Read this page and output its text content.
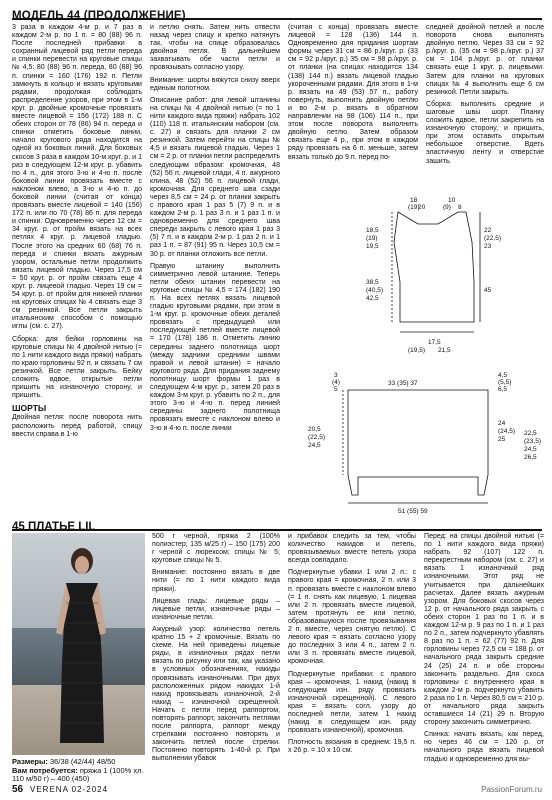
МОДЕЛЬ 44 (ПРОДОЛЖЕНИЕ)

3 раза в каждом 4-м р. и 7 раз в каждом 2-м р. по 1 п. = 80 (88) 96 п. После последней прибавки в сохранный лицевой ряд петли переда и спинки перевести на круговые спицы № 4,5: 80 (88) 96 п. переда, 80 (88) 96 п. спинки = 160 (176) 192 п. Петли замкнуть в кольцо и вязать круговыми рядами, продолжая соблюдать распределение узоров, при этом в 1-м круг. р. двойные кромочные провязать вместе лицевой = 156 (172) 188 п. С обеих сторон от 78 (86) 94 п. переда и спинки отметить боковые линии, начало кругового ряда находится на одной из боковых линий. Для боковых скосов 3 раза в каждом 10-м круг. р. и 1 раз в следующем 12-м круг. р. убавить по 4 п., для этого 3-ю и 4-ю п. после боковой линии провязать вместе с наклоном влево, а 3-ю и 4-ю п. до боковой линии (считая от конца) провязать вместе лицевой = 140 (156) 172 п. или по 70 (78) 86 п. для переда и спинки. Одновременно через 12 см = 34 круг. р. от пройм вязать на всех петлях 4 круг. р. лицевой гладью. После этого на средних 60 (68) 76 п. переда и спинки вязать ажурным узором, остальные петли продолжить вязать лицевой гладью. Через 17,5 см = 50 круг. р. от пройм связать еще 4 круг. р. лицевой гладью. Через 19 см = 54 круг. р. от пройм для нижней планки на круговых спицах № 4 связать еще 3 см резинкой. Все петли закрыть итальянским способом с помощью иглы (см. с. 27).

Сборка: для бейки горловины на круговые спицы № 4 двойной нитью (= по 1 нити каждого вида пряжи) набрать по краю горловины 92 п. и связать 7 см резинкой. Все петли закрыть. Бейку сложить вдвое, открытые петли пришить на изнаночную сторону, и пришить.

ШОРТЫ

Двойная петля: после поворота нить расположить перед работой, спицу ввести справа в 1-ю

и петлю снять. Затем нить отвести назад через спицу и крепко натянуть так, чтобы на спице образовалась двойная петля. В дальнейшем захватывать обе части петли и провязывать согласно узору.

Внимание: шорты вяжутся снизу вверх единым полотном.

Описание работ: для левой штанины на спицы № 4 двойной нитью (= по 1 нити каждого вида пряжи) набрать 102 (110) 118 п. итальянским набором (см. с. 27) и связать для планки 2 см резинкой. Затем перейти на спицы № 4,5 и вязать лицевой гладью. Через 1 см = 2 р. от планки петли распределить следующим образом: кромочная, 48 (52) 56 п. лицевой глади, 4 п. ажурного клина, 48 (52) 56 п. лицевой глади, кромочная. Для среднего шва сзади через 8,5 см = 24 р. от планки закрыть с правого края 1 раз 5 (7) 9 п. и в каждом 2-м р. 1 раз 3 п. и 1 раз 1 п. и одновременно для среднего шва спереди закрыть с левого края 1 раз 3 (5) 7 п. и в каждом 2-м р. 1 раз 2 п. и 1 раз 1 п. = 87 (91) 95 п. Через 10,5 см = 30 р. от планки отложить все петли.

Правую штанину выполнить симметрично левой штанине. Теперь петли обеих штанин перевести на круговые спицы № 4,5 = 174 (182) 190 п. На всех петлях вязать лицевой гладью круговыми рядами, при этом в 1-м круг. р. кромочные обеих деталей провязать с предыдущей или последующей петлей вместе лицевой = 170 (178) 186 п. Отметить линию середины заднего полотнища шорт (между задними средними швами правой и левой штанин) = начало кругового ряда. Для придания заднему полотнищу шорт формы 1 раз в следующем 4-м круг. р., затем 20 раз в каждом 3-м круг. р. убавить по 2 п., для этого 3-ю и 4-ю п. перед линией середины заднего полотнища провязать вместе с наклоном влево и 3-ю и 4-ю п. после линии

(считая с конца) провязать вместе лицевой = 128 (136) 144 п. Одновременно для придания шортам формы через 31 см = 86 р./круг. р. (33 см = 92 р./круг. р.) 35 см = 98 р./круг. р. от планки (на спицах находится 134 (138) 144 п.) вязать лицевой гладью укороченными рядами. Для этого в 1-м р. вязать на 49 (53) 57 п., работу повернуть, выполнить двойную петлю и во 2-м р. вязать в обратном направлении на 98 (106) 114 п., при этом после поворота выполнить двойную петлю. Затем образом связать еще 4 р., при этом в каждом ряду провязать на 6 п. меньше, затем вязать только до 9 п. перед по-

следней двойной петлей и после поворота снова выполнять двойную петлю. Через 33 см = 92 р./круг. р. (35 см = 98 р./круг. р.) 37 см = 104 р./круг. р. от планки связать еще 1 круг. р. лицевыми. Затем для планки на круговых спицах № 4 выполнить еще 6 см резинкой. Петли закрыть.

Сборка: выполнить средние и шаговые швы шорт. Планку сложить вдвое, петли закрепить на изнаночную сторону, и пришить, при этом оставить открытым небольшое отверстие. Вдеть эластичную ленту и отверстие зашить.

18
(19)
20
10
(9) 8
22
(22,5)
23
18,5
(19)
19,5
38,5
(40,5)
42,5
45
17,5
(19,5) 21,5
3
(4)
5
33 (35) 37
4,5
(5,5)
6,5
20,5
(22,5)
24,5
24
(24,5)
25
22,5
(23,5)
24,5
26,5
51 (55) 59
45 ПЛАТЬЕ LIL
Размеры: 36/38 (42/44) 48/50
Вам потребуется: пряжа 1 (100% хл. 110 м/50 г) – 400 (450)

500 г черной, пряжа 2 (100% полиэстер; 135 м/25 г) – 150 (175) 200 г черной с люрексом; спицы № 5; круговые спицы № 5.

Внимание: постоянно вязать в две нити (= по 1 нити каждого вида пряжи).

Лицевая гладь: лицевые ряды – лицевые петли, изнаночные ряды – изнаночные петли.

Ажурный узор: количество петель кратно 15 + 2 кромочные. Вязать по схеме. На ней приведены лицевые ряды, в изнаночных рядах петли вязать по рисунку или так, как указано в условных обозначениях, накиды провязывать изнаночными. При двух расположенных рядом накидах 1-й накид провязывать изнаночной, 2-й накид – изнаночной скрещенной. Начать с петли перед раппортом, повторять раппорт, закончить петлями после раппорта, раппорт между стрелками постоянно повторять и закончить петлей после стрелки. Постоянно повторять 1-40-й р. При выполнении убавок

и прибавок следить за тем, чтобы количество накидов и петель, провязываемых вместе петель узора всегда совпадало.

Подчеркнутые убавки 1 или 2 п.: с правого края = кромочная, 2 п. или 3 п. провязать вместе с наклоном влево (= 1 п. снять как лицевую, 1 лицевая или 2 п. провязать вместе лицевой, затем протянуть ее или петлю, образовавшуюся после провязывания 2 п. вместе, через снятую петлю). С левого края = вязать согласно узору до последних 3 или 4 п., затем 2 п. или 3 п. провязать вместе лицевой, кромочная.

Подчеркнутые прибавки: с правого края – кромочная, 1 накид (накид в следующем изн. ряду провязать изнаночной скрещенной). С левого края = вязать согл. узору до последней петли, затем 1 накид (накид в следующем изн. ряду провязать изнаночной), кромочная.

Плотность вязания в среднем: 19,5 п. x 26 р. = 10 x 10 см.

Перед: на спицы двойной нитью (= по 1 нити каждого вида пряжи) набрать 92 (107) 122 п. перекрестным набором (см. с. 27) и вязать 1 изнаночный ряд изнаночными. Этот ряд не учитывается при дальнейших расчетах. Далее вязать ажурным узором. Для боковых скосов через 12 р. от начального ряда закрыть с обеих сторон 1 раз по 1 п. и в каждом 12-м р. 9 раз по 1 п. и 1 раз по 2 п., затем подчеркнуто убавлять 8 раз по 1 п. = 62 (77) 92 п. Для горловины через 72,5 см = 188 р. от начального ряда закрыть средние 24 (25) 24 п. и обе стороны закончить раздельно. Для скоса горловины с внутреннего края в каждом 2-м р. подчеркнуто убавить 2 раза по 1 п. Через 80,5 см = 210 р. от начального ряда закрыть оставшиеся 14 (21) 29 п. Вторую сторону закончить симметрично.

Спинка: начать вязать, как перед, но через 46 см = 120 р. от начального ряда вязать лицевой гладью и одновременно для вы-

56 VERENA 02-2024	PassionForum.ru
